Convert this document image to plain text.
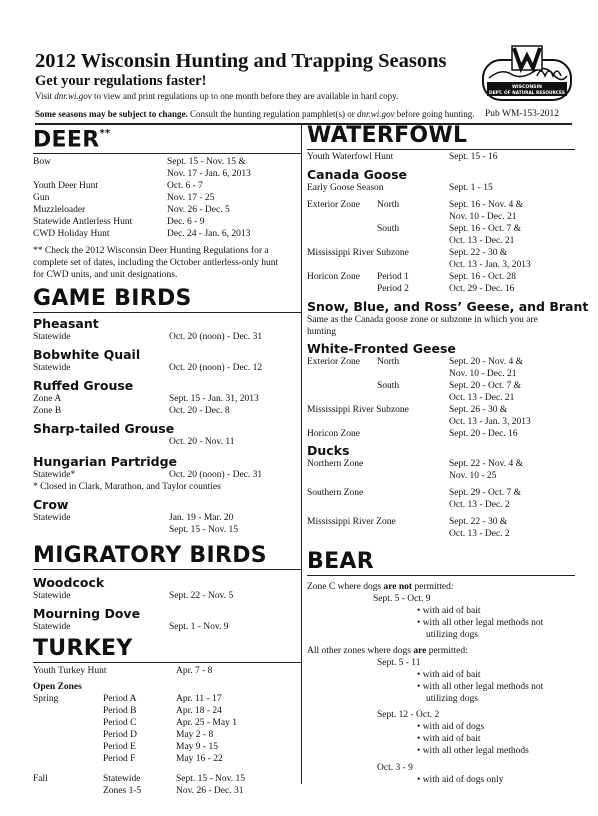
2012 Wisconsin Hunting and Trapping Seasons
Get your regulations faster!
Visit dnr.wi.gov to view and print regulations up to one month before they are available in hard copy.
Some seasons may be subject to change. Consult the hunting regulation pamphlet(s) or dnr.wi.gov before going hunting. Pub WM-153-2012
WISCONSIN
DEPT. OF NATURAL RESOURCES
DEER**
Bow	Sept. 15 - Nov. 15 &
Nov. 17 - Jan. 6, 2013
Youth Deer Hunt	Oct. 6 - 7
Gun	Nov. 17 - 25
Muzzleloader	Nov. 26 - Dec. 5
Statewide Antlerless Hunt	Dec. 6 - 9
CWD Holiday Hunt	Dec. 24 - Jan. 6, 2013
** Check the 2012 Wisconsin Deer Hunting Regulations for a complete set of dates, including the October antlerless-only hunt for CWD units, and unit designations.
GAME BIRDS
Pheasant
Statewide	Oct. 20 (noon) - Dec. 31
Bobwhite Quail
Statewide	Oct. 20 (noon) - Dec. 12
Ruffed Grouse
Zone A	Sept. 15 - Jan. 31, 2013
Zone B	Oct. 20 - Dec. 8
Sharp-tailed Grouse
Oct. 20 - Nov. 11
Hungarian Partridge
Statewide*	Oct. 20 (noon) - Dec. 31
* Closed in Clark, Marathon, and Taylor counties
Crow
Statewide	Jan. 19 - Mar. 20
Sept. 15 - Nov. 15
MIGRATORY BIRDS
Woodcock
Statewide	Sept. 22 - Nov. 5
Mourning Dove
Statewide	Sept. 1 - Nov. 9
TURKEY
Youth Turkey Hunt	Apr. 7 - 8
Open Zones
Spring	Period A	Apr. 11 - 17
Period B	Apr. 18 - 24
Period C	Apr. 25 - May 1
Period D	May 2 - 8
Period E	May 9 - 15
Period F	May 16 - 22
Fall	Statewide	Sept. 15 - Nov. 15
Zones 1-5	Nov. 26 - Dec. 31
WATERFOWL
Youth Waterfowl Hunt	Sept. 15 - 16
Canada Goose
Early Goose Season	Sept. 1 - 15
Exterior Zone North	Sept. 16 - Nov. 4 &
Nov. 10 - Dec. 21
South	Sept. 16 - Oct. 7 &
Oct. 13 - Dec. 21
Mississippi River Subzone	Sept. 22 - 30 &
Oct. 13 - Jan. 3, 2013
Horicon Zone Period 1	Sept. 16 - Oct. 28
Period 2	Oct. 29 - Dec. 16
Snow, Blue, and Ross’ Geese, and Brant
Same as the Canada goose zone or subzone in which you are hunting
White-Fronted Geese
Exterior Zone North	Sept. 20 - Nov. 4 &
Nov. 10 - Dec. 21
South	Sept. 20 - Oct. 7 &
Oct. 13 - Dec. 21
Mississippi River Subzone	Sept. 26 - 30 &
Oct. 13 - Jan. 3, 2013
Horicon Zone	Sept. 20 - Dec. 16
Ducks
Northern Zone	Sept. 22 - Nov. 4 &
Nov. 10 - 25
Southern Zone	Sept. 29 - Oct. 7 &
Oct. 13 - Dec. 2
Mississippi River Zone	Sept. 22 - 30 &
Oct. 13 - Dec. 2
BEAR
Zone C where dogs are not permitted:
Sept. 5 - Oct. 9
• with aid of bait
• with all other legal methods not
utilizing dogs
All other zones where dogs are permitted:
Sept. 5 - 11
• with aid of bait
• with all other legal methods not
utilizing dogs
Sept. 12 - Oct. 2
• with aid of dogs
• with aid of bait
• with all other legal methods
Oct. 3 - 9
• with aid of dogs only
